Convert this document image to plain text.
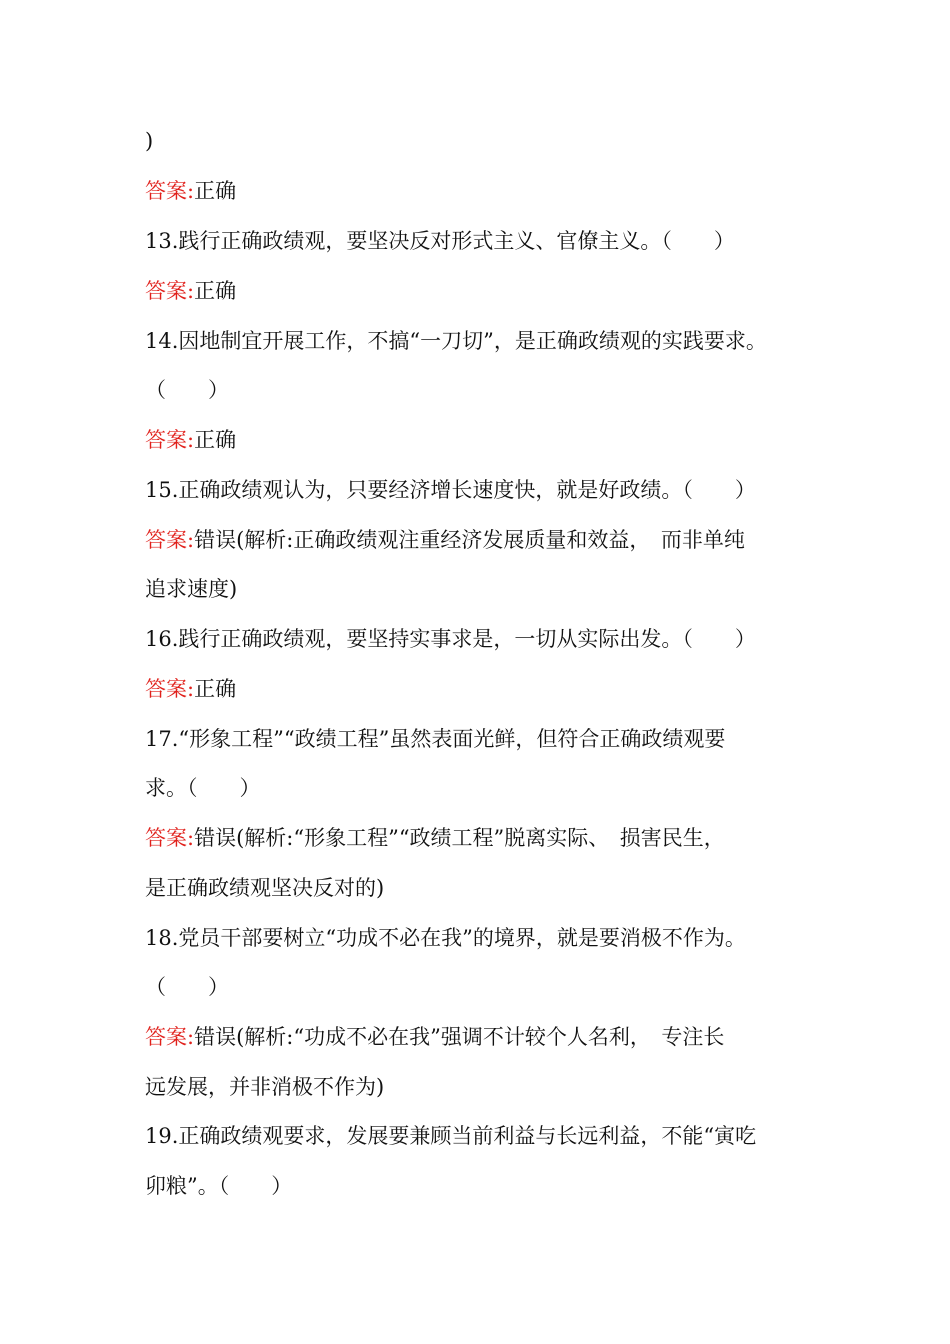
)

答案:正确

13.践行正确政绩观，要坚决反对形式主义、官僚主义。（　　）

答案:正确

14.因地制宜开展工作，不搞“一刀切”，是正确政绩观的实践要求。

（　　）

答案:正确

15.正确政绩观认为，只要经济增长速度快，就是好政绩。（　　）

答案:错误(解析:正确政绩观注重经济发展质量和效益，　而非单纯

追求速度)

16.践行正确政绩观，要坚持实事求是，一切从实际出发。（　　）

答案:正确

17.“形象工程”“政绩工程”虽然表面光鲜，但符合正确政绩观要

求。（　　）

答案:错误(解析:“形象工程”“政绩工程”脱离实际、　损害民生，

是正确政绩观坚决反对的)

18.党员干部要树立“功成不必在我”的境界，就是要消极不作为。

（　　）

答案:错误(解析:“功成不必在我”强调不计较个人名利，　专注长

远发展，并非消极不作为)

19.正确政绩观要求，发展要兼顾当前利益与长远利益，不能“寅吃

卯粮”。（　　）
